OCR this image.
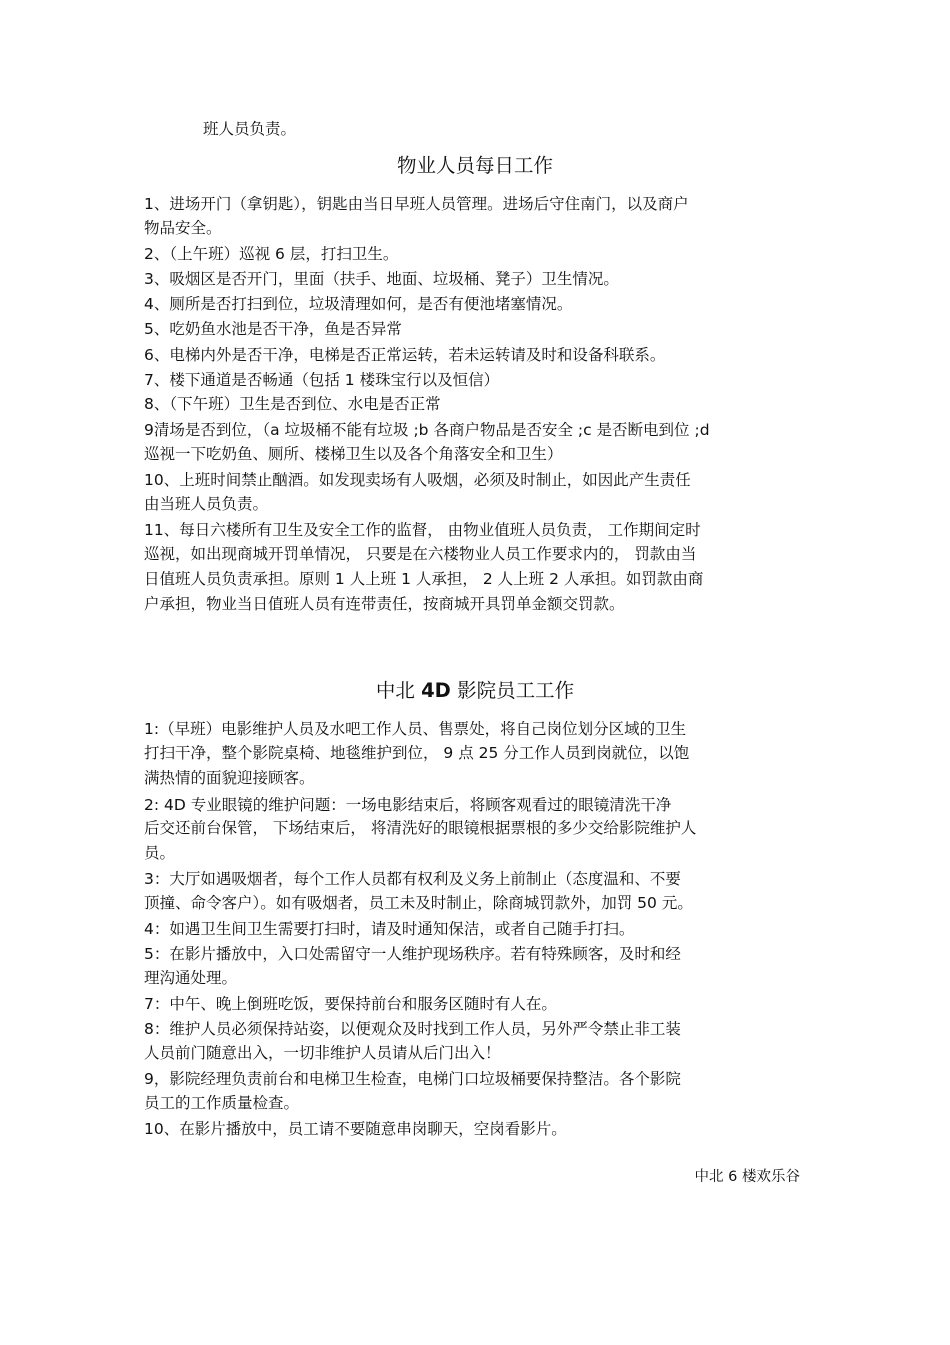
班人员负责。
物业人员每日工作
1、进场开门（拿钥匙），钥匙由当日早班人员管理。进场后守住南门，以及商户
物品安全。
2、（上午班）巡视 6 层，打扫卫生。
3、吸烟区是否开门，里面（扶手、地面、垃圾桶、凳子）卫生情况。
4、厕所是否打扫到位，垃圾清理如何，是否有便池堵塞情况。
5、吃奶鱼水池是否干净，鱼是否异常
6、电梯内外是否干净，电梯是否正常运转，若未运转请及时和设备科联系。
7、楼下通道是否畅通（包括 1 楼珠宝行以及恒信）
8、（下午班）卫生是否到位、水电是否正常
9清场是否到位，（a 垃圾桶不能有垃圾 ;b 各商户物品是否安全 ;c 是否断电到位 ;d
巡视一下吃奶鱼、厕所、楼梯卫生以及各个角落安全和卫生）
10、上班时间禁止酗酒。如发现卖场有人吸烟，必须及时制止，如因此产生责任
由当班人员负责。
11、每日六楼所有卫生及安全工作的监督， 由物业值班人员负责， 工作期间定时
巡视，如出现商城开罚单情况， 只要是在六楼物业人员工作要求内的， 罚款由当
日值班人员负责承担。原则 1 人上班 1 人承担， 2 人上班 2 人承担。如罚款由商
户承担，物业当日值班人员有连带责任，按商城开具罚单金额交罚款。
中北 4D 影院员工工作
1:（早班）电影维护人员及水吧工作人员、售票处，将自己岗位划分区域的卫生
打扫干净，整个影院桌椅、地毯维护到位， 9 点 25 分工作人员到岗就位，以饱
满热情的面貌迎接顾客。
2: 4D 专业眼镜的维护问题：一场电影结束后，将顾客观看过的眼镜清洗干净
后交还前台保管， 下场结束后， 将清洗好的眼镜根据票根的多少交给影院维护人
员。
3：大厅如遇吸烟者，每个工作人员都有权利及义务上前制止（态度温和、不要
顶撞、命令客户）。如有吸烟者，员工未及时制止，除商城罚款外，加罚 50 元。
4：如遇卫生间卫生需要打扫时，请及时通知保洁，或者自己随手打扫。
5：在影片播放中，入口处需留守一人维护现场秩序。若有特殊顾客，及时和经
理沟通处理。
7：中午、晚上倒班吃饭，要保持前台和服务区随时有人在。
8：维护人员必须保持站姿，以便观众及时找到工作人员，另外严令禁止非工装
人员前门随意出入，一切非维护人员请从后门出入！
9，影院经理负责前台和电梯卫生检查，电梯门口垃圾桶要保持整洁。各个影院
员工的工作质量检查。
10、在影片播放中，员工请不要随意串岗聊天，空岗看影片。
中北 6 楼欢乐谷
